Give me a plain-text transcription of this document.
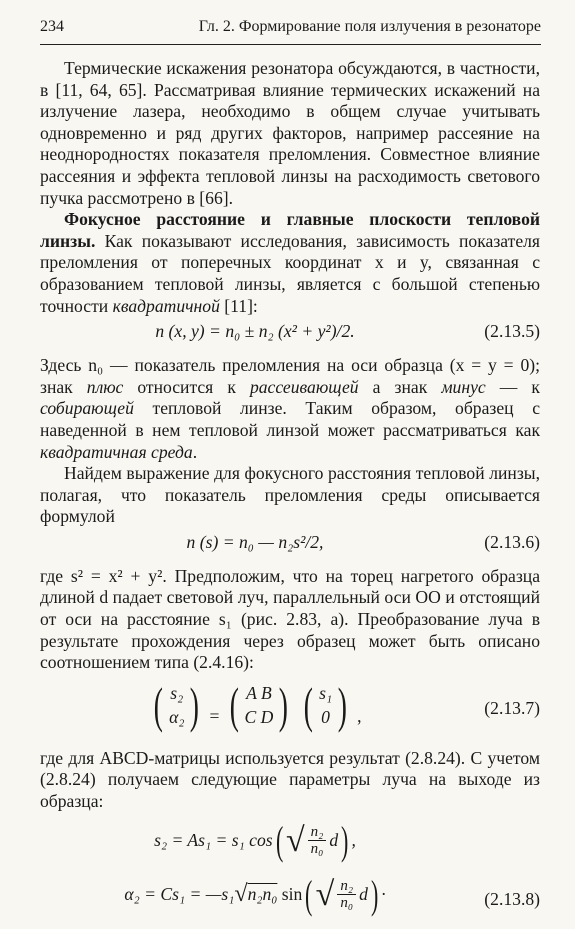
234	Гл. 2. Формирование поля излучения в резонаторе

Термические искажения резонатора обсуждаются, в частности, в [11, 64, 65]. Рассматривая влияние термических искажений на излучение лазера, необходимо в общем случае учитывать одновременно и ряд других факторов, например рассеяние на неоднородностях показателя преломления. Совместное влияние рассеяния и эффекта тепловой линзы на расходимость светового пучка рассмотрено в [66].

Фокусное расстояние и главные плоскости тепловой линзы. Как показывают исследования, зависимость показателя преломления от поперечных координат x и y, связанная с образованием тепловой линзы, является с большой степенью точности квадратичной [11]:

n (x, y) = n₀ ± n₂ (x² + y²)/2.	(2.13.5)

Здесь n₀ — показатель преломления на оси образца (x = y = 0); знак плюс относится к рассеивающей а знак минус — к собирающей тепловой линзе. Таким образом, образец с наведенной в нем тепловой линзой может рассматриваться как квадратичная среда.

Найдем выражение для фокусного расстояния тепловой линзы, полагая, что показатель преломления среды описывается формулой

n (s) = n₀ — n₂s²/2,	(2.13.6)

где s² = x² + y². Предположим, что на торец нагретого образца длиной d падает световой луч, параллельный оси OO и отстоящий от оси на расстояние s₁ (рис. 2.83, a). Преобразование луча в результате прохождения через образец может быть описано соотношением типа (2.4.16):

( s₂
α₂ ) = ( A B
C D )
( s₁
0 ) ,	(2.13.7)

где для ABCD-матрицы используется результат (2.8.24). С учетом (2.8.24) получаем следующие параметры луча на выходе из образца:

s₂ = As₁ = s₁ cos ( √ $\frac{\text{n₂}}{\text{n₀}}$ d ) ,
α₂ = Cs₁ = —s₁ √ n₂n₀
sin ( √ $\frac{\text{n₂}}{\text{n₀}}$ d ) ·	(2.13.8)
